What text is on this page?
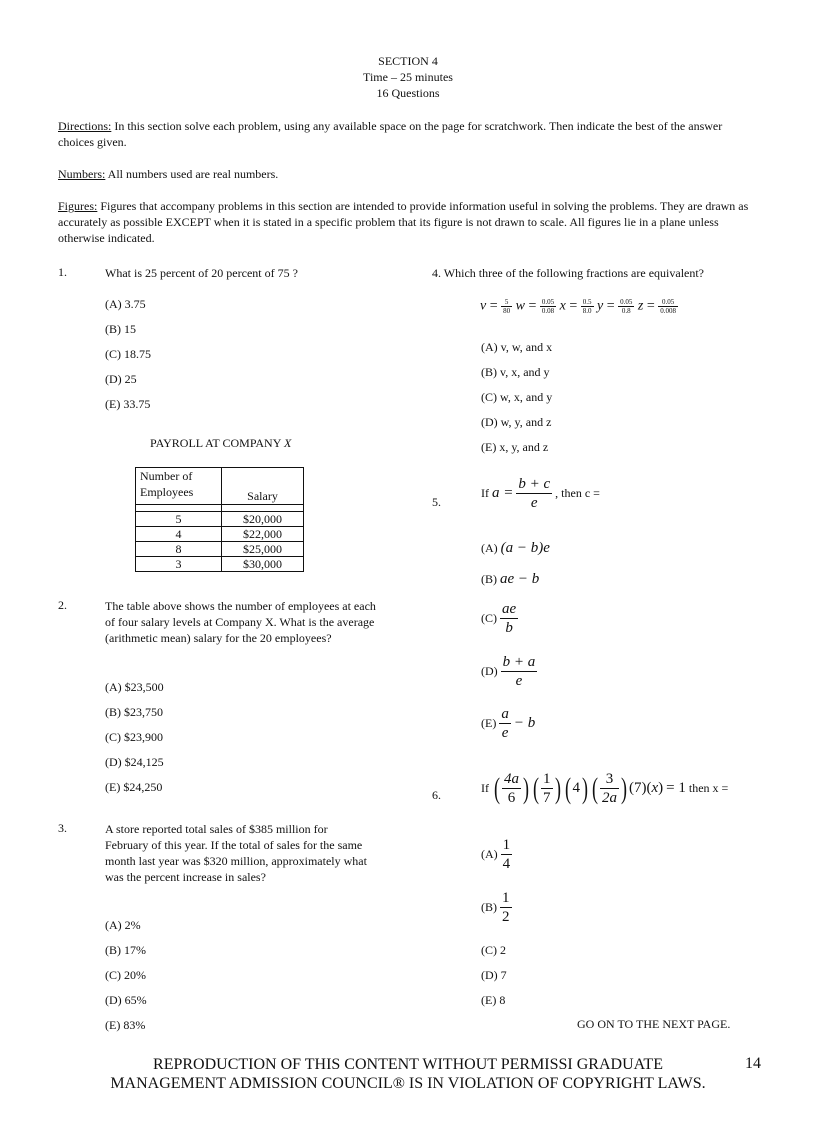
SECTION 4
Time – 25 minutes
16 Questions
Directions: In this section solve each problem, using any available space on the page for scratchwork. Then indicate the best of the answer choices given.
Numbers: All numbers used are real numbers.
Figures: Figures that accompany problems in this section are intended to provide information useful in solving the problems. They are drawn as accurately as possible EXCEPT when it is stated in a specific problem that its figure is not drawn to scale. All figures lie in a plane unless otherwise indicated.
1.	What is 25 percent of 20 percent of 75 ?
(A) 3.75
(B) 15
(C) 18.75
(D) 25
(E) 33.75
PAYROLL AT COMPANY X
Number of
Employees	Salary

5	$20,000
4	$22,000
8	$25,000
3	$30,000
2.	The table above shows the number of employees at each of four salary levels at Company X. What is the average (arithmetic mean) salary for the 20 employees?
(A) $23,500
(B) $23,750
(C) $23,900
(D) $24,125
(E) $24,250
3.	A store reported total sales of $385 million for February of this year. If the total of sales for the same month last year was $320 million, approximately what was the percent increase in sales?
(A) 2%
(B) 17%
(C) 20%
(D) 65%
(E) 83%
4. Which three of the following fractions are equivalent?
$v = \frac{5}{80}$ $w = \frac{0.05}{0.08}$ $x = \frac{0.5}{8.0}$ $y = \frac{0.05}{0.8}$ $z = \frac{0.05}{0.008}$
(A) v, w, and x
(B) v, x, and y
(C) w, x, and y
(D) w, y, and z
(E) x, y, and z
5.
If $a = \frac{b + c}{e}$ , then c =
(A) (a − b)e
(B) ae − b
$(C) \frac{ae}{b}$
$(D) \frac{b + a}{e}$
$(E) \frac{a}{e} - b$
6.	If ( $\frac{4a}{6}$ ) ( $\frac{1}{7}$ ) ( 4) ( $\frac{3}{2a}$ ) (7)(x) = 1 then x =
$(A) \frac{1}{4}$
$(B) \frac{1}{2}$
(C) 2
(D) 7
(E) 8
GO ON TO THE NEXT PAGE.
REPRODUCTION OF THIS CONTENT WITHOUT PERMISSI GRADUATE
MANAGEMENT ADMISSION COUNCIL® IS IN VIOLATION OF COPYRIGHT LAWS.
14
